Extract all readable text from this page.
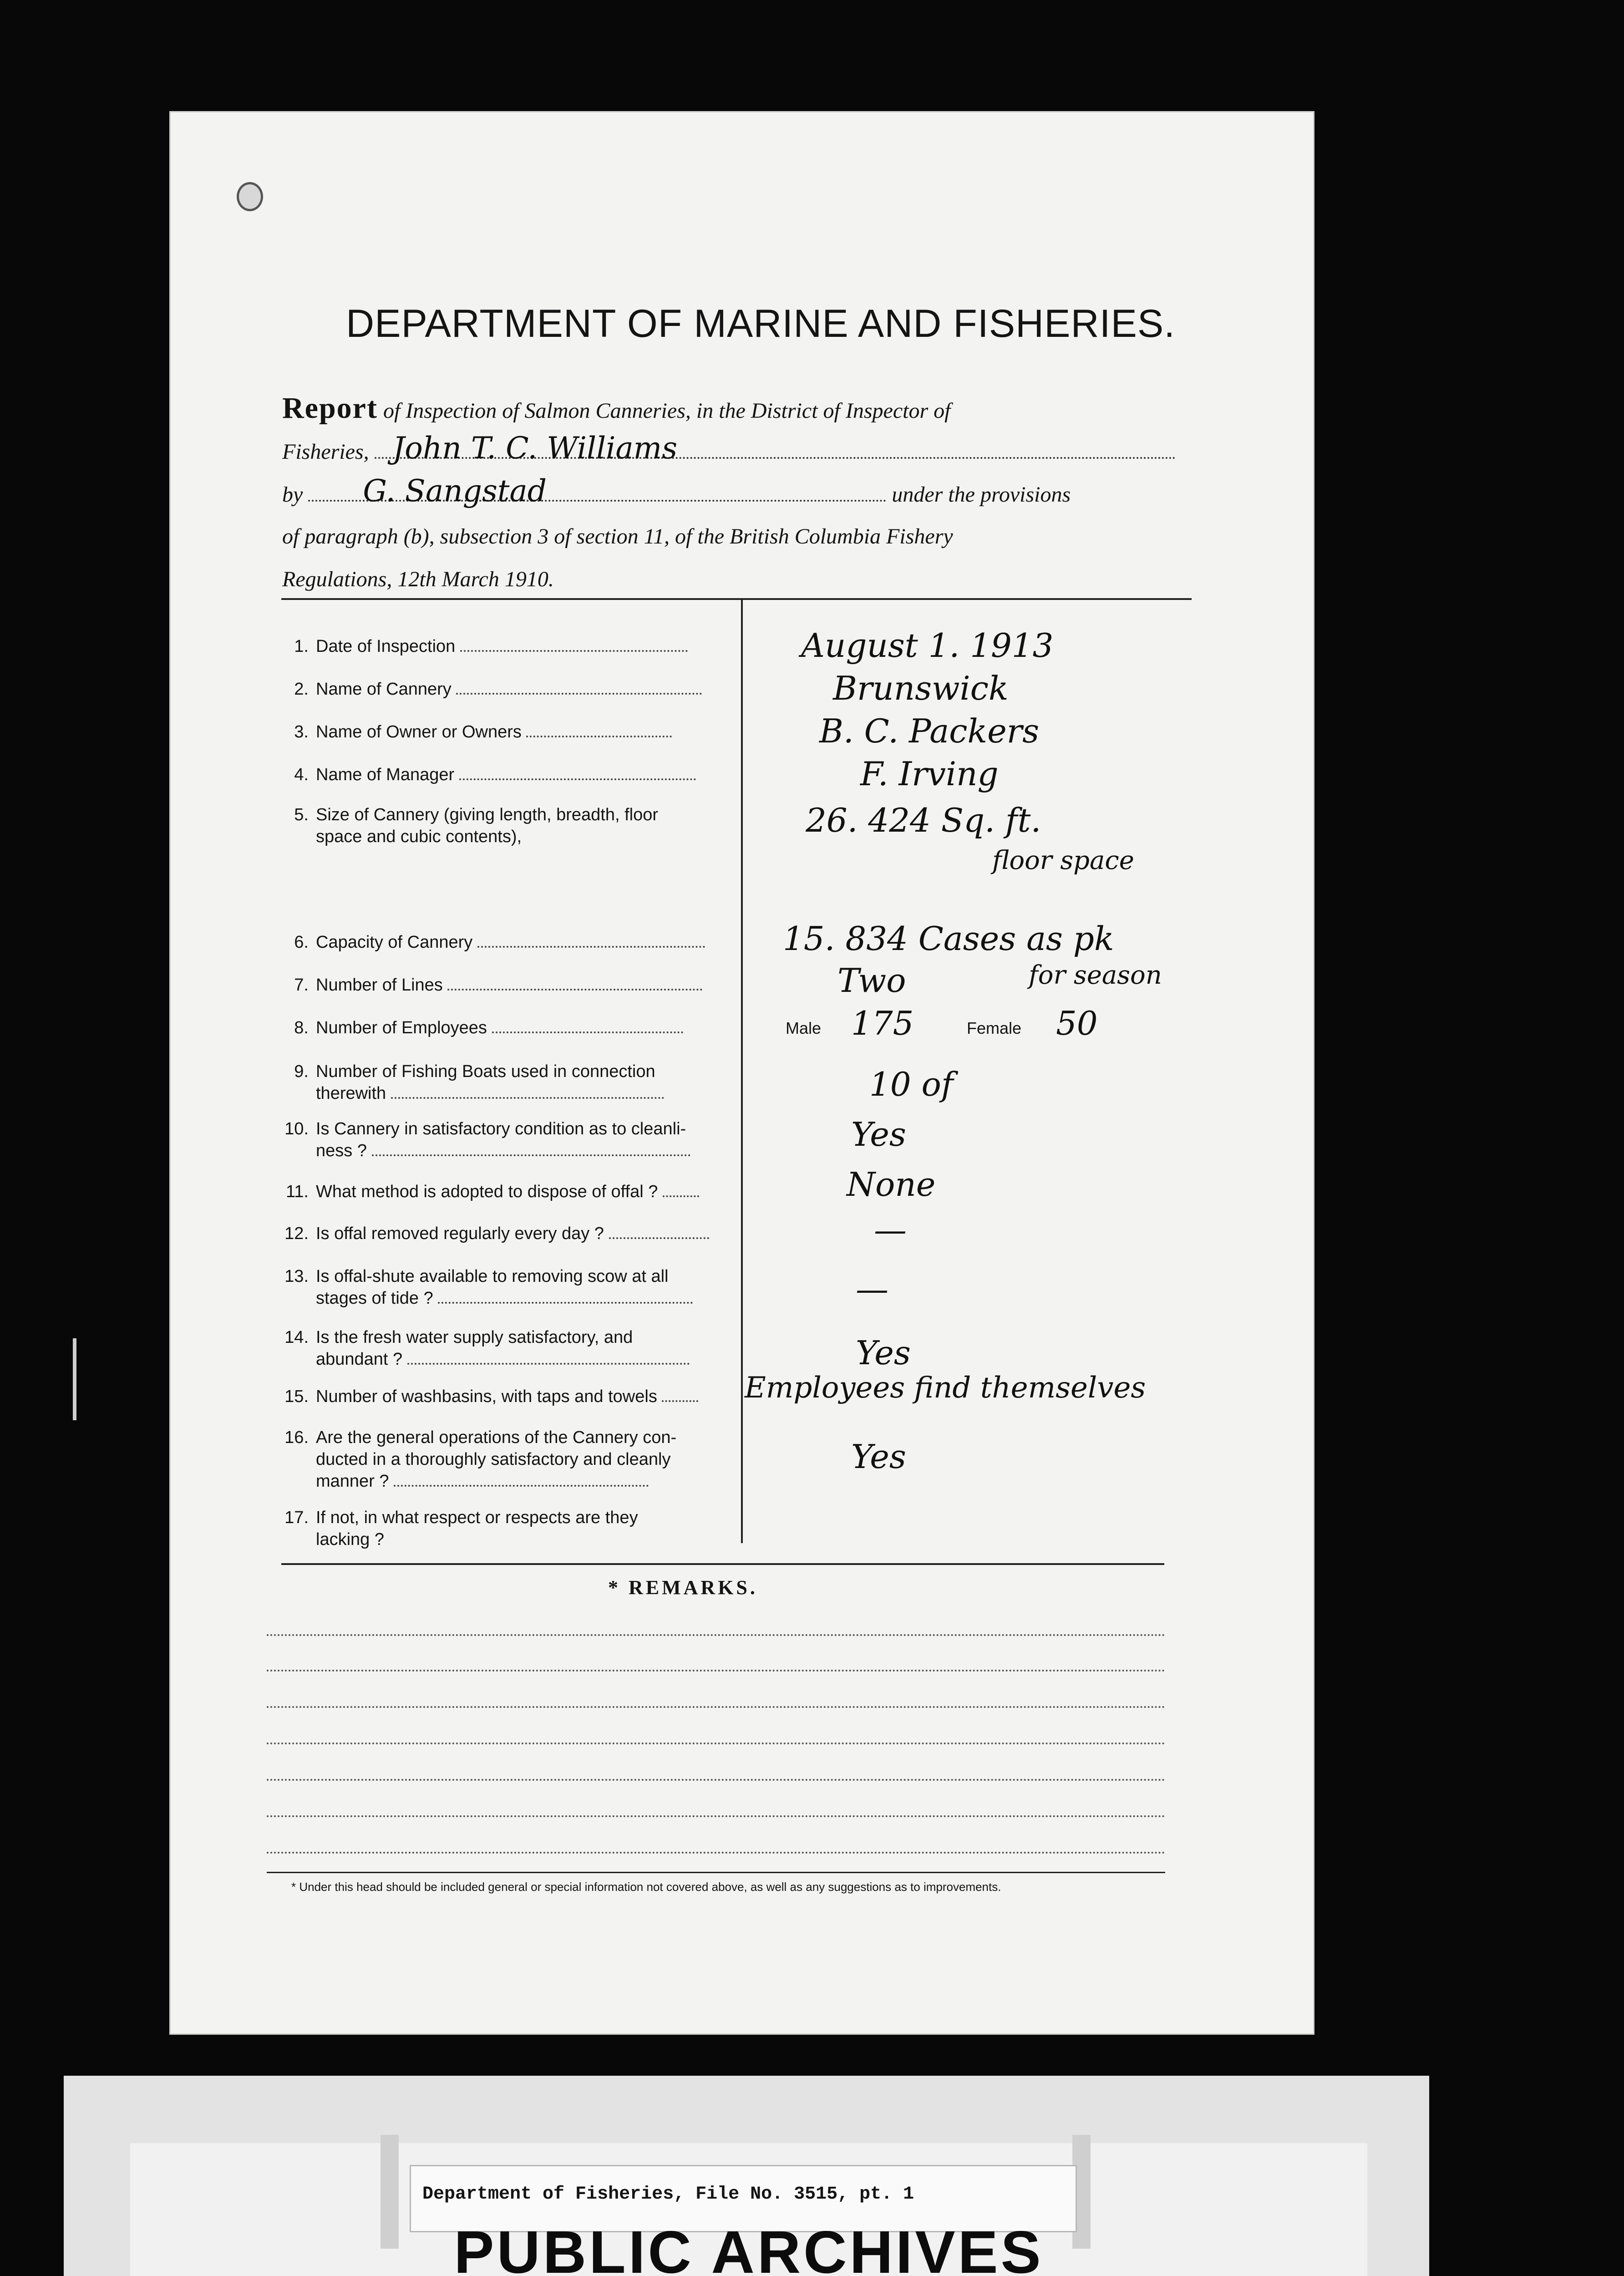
DEPARTMENT OF MARINE AND FISHERIES.
Report of Inspection of Salmon Canneries, in the District of Inspector of
Fisheries, John T. C. Williams
by G. Sangstad	under the provisions
of paragraph (b), subsection 3 of section 11, of the British Columbia Fishery
Regulations, 12th March 1910.
1. Date of Inspection
2. Name of Cannery
3. Name of Owner or Owners
4. Name of Manager
5. Size of Cannery (giving length, breadth, floor
space and cubic contents),
6. Capacity of Cannery
7. Number of Lines
8. Number of Employees
9. Number of Fishing Boats used in connection
therewith
10. Is Cannery in satisfactory condition as to cleanli-
ness ?
11. What method is adopted to dispose of offal ?
12. Is offal removed regularly every day ?
13. Is offal-shute available to removing scow at all
stages of tide ?
14. Is the fresh water supply satisfactory, and
abundant ?
15. Number of washbasins, with taps and towels
16. Are the general operations of the Cannery con-
ducted in a thoroughly satisfactory and cleanly
manner ?
17. If not, in what respect or respects are they
lacking ?
August 1. 1913
Brunswick
B. C. Packers
F. Irving
26. 424 Sq. ft.
floor space
15. 834 Cases as pk
for season
Two
Male 175	Female 50
10 of
Yes
None
—
—
Yes
Employees find themselves
Yes
* REMARKS.
* Under this head should be included general or special information not covered above, as well as any suggestions as to improvements.
Department of Fisheries, File No. 3515, pt. 1
PUBLIC ARCHIVES
